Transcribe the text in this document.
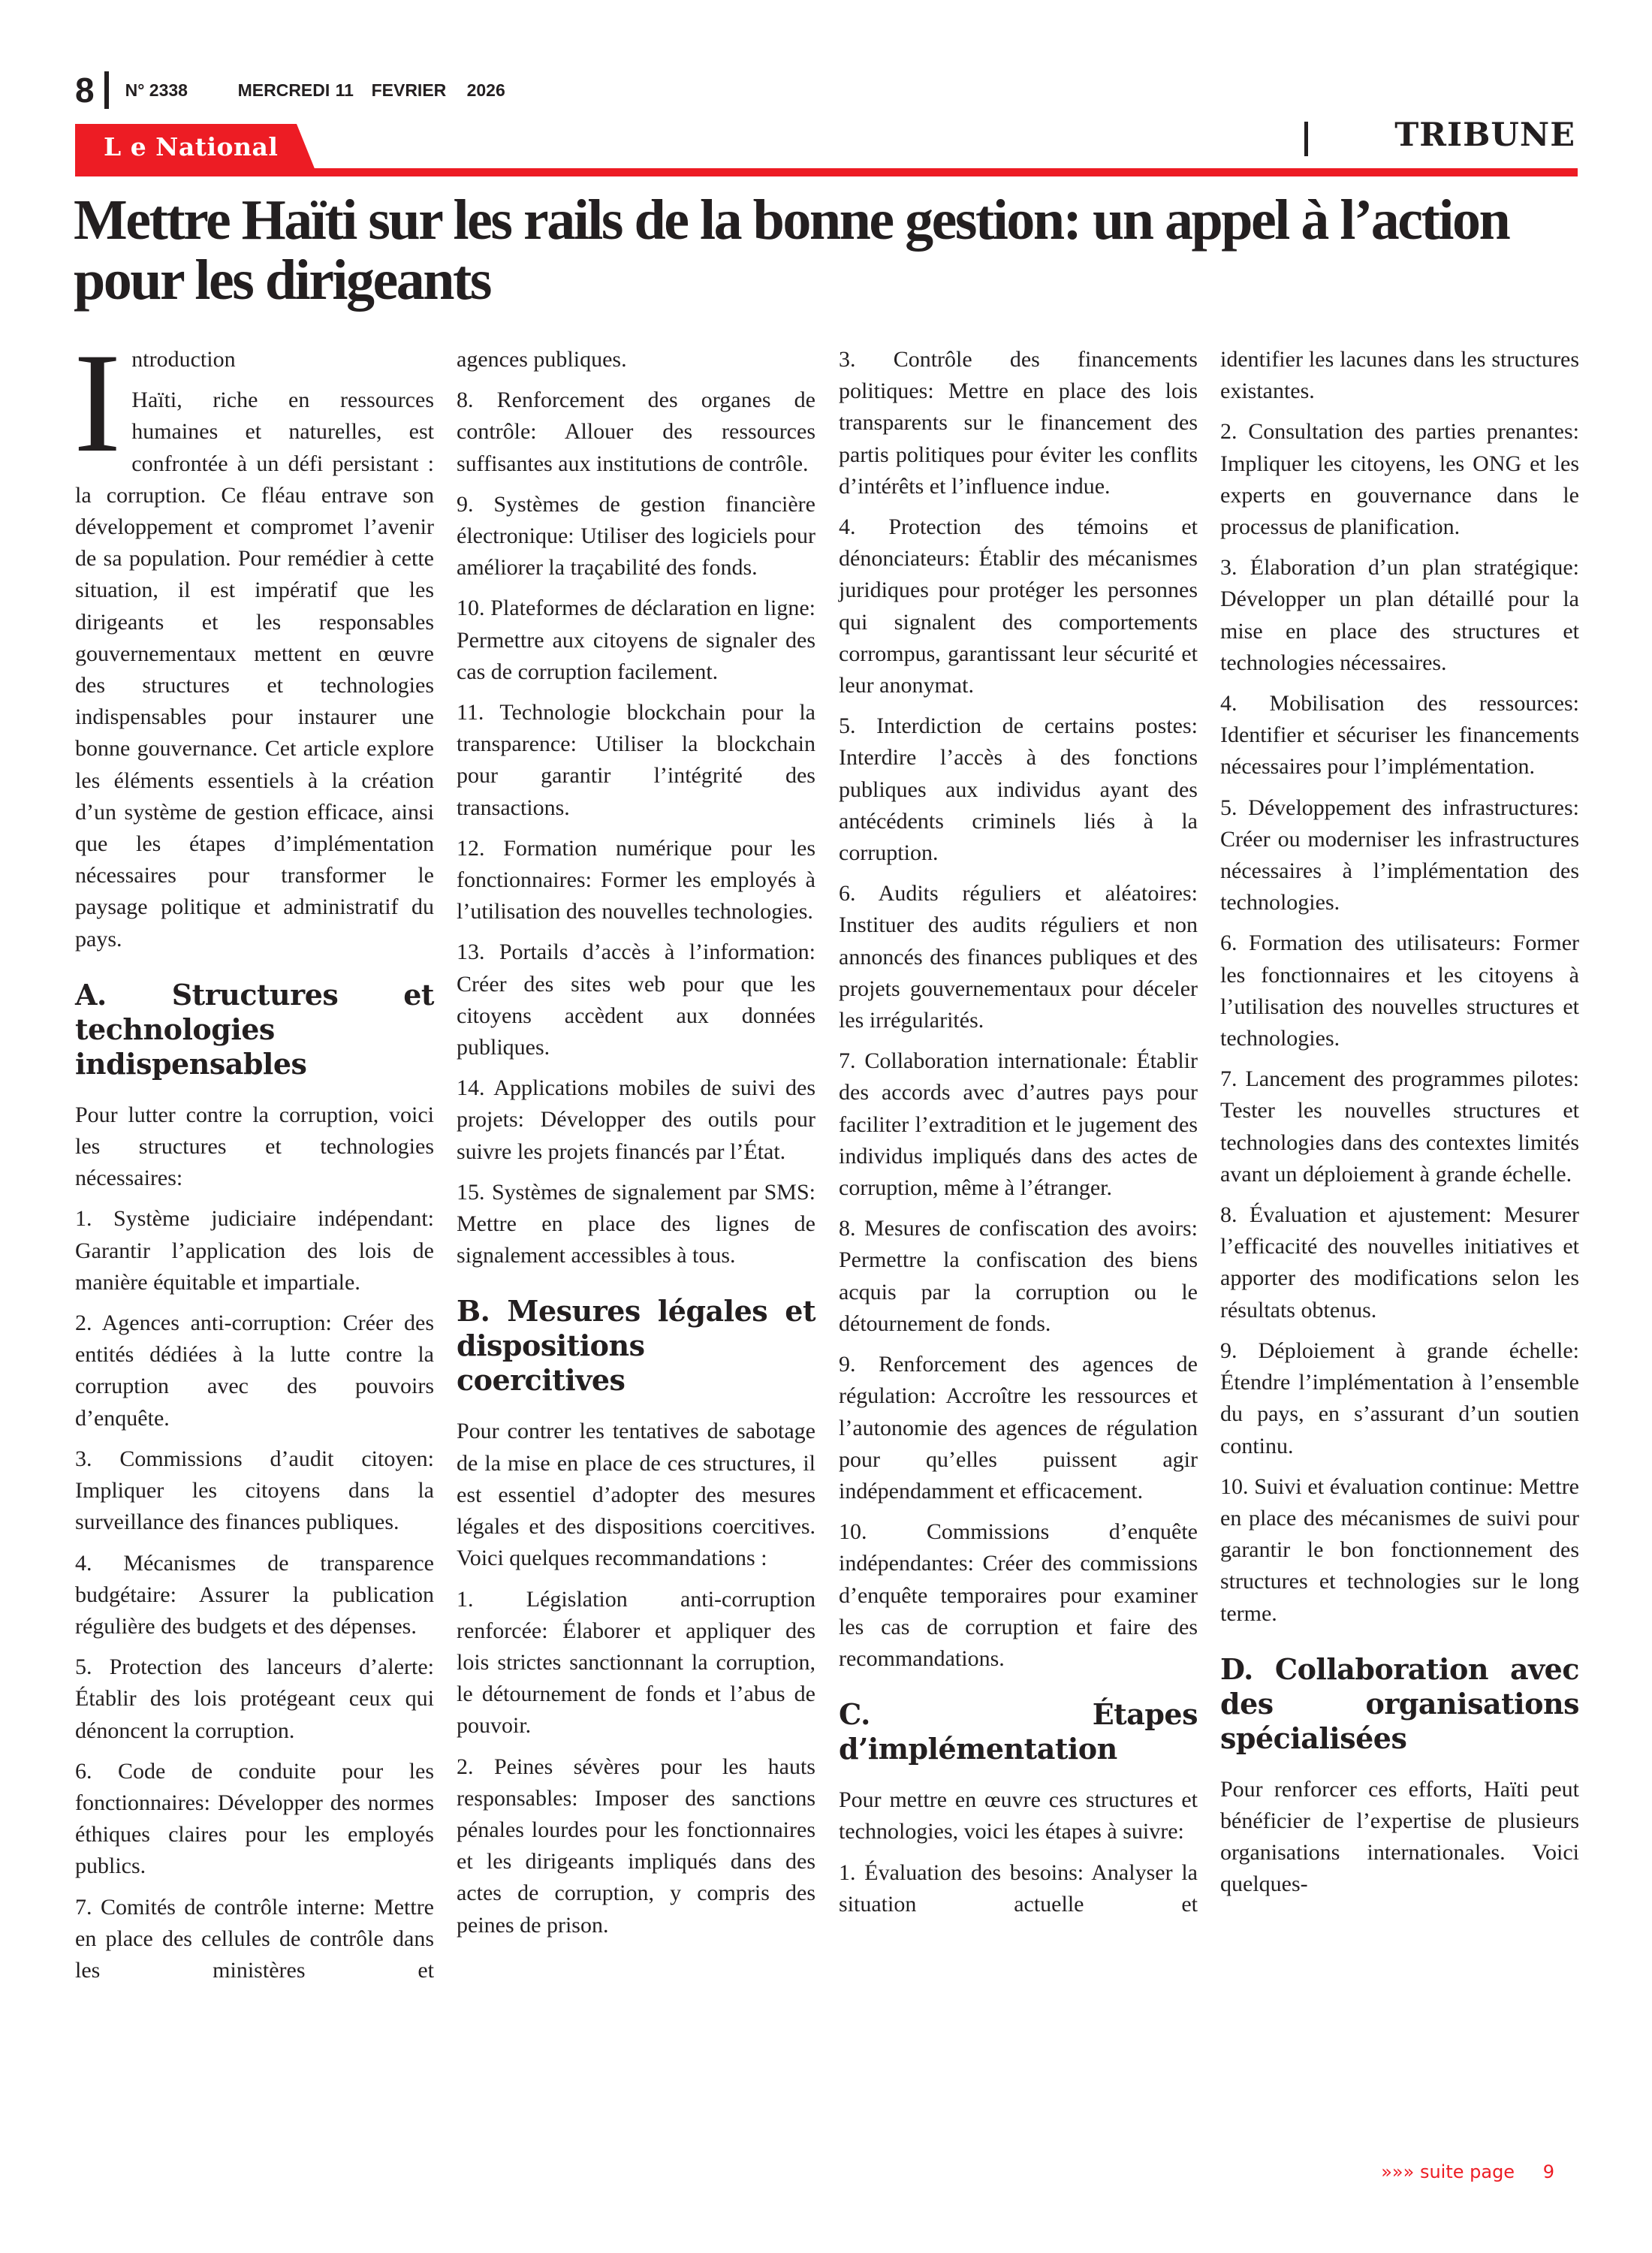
8 N° 2338	MERCREDI 11	FEVRIER	2026
L e National	TRIBUNE
Mettre Haïti sur les rails de la bonne gestion: un appel à l’action pour les dirigeants
I ntroduction

Haïti, riche en ressources humaines et naturelles, est confrontée à un défi persistant : la corruption. Ce fléau entrave son développement et compromet l’avenir de sa population. Pour remédier à cette situation, il est impératif que les dirigeants et les responsables gouvernementaux mettent en œuvre des structures et technologies indispensables pour instaurer une bonne gouvernance. Cet article explore les éléments essentiels à la création d’un système de gestion efficace, ainsi que les étapes d’implémentation nécessaires pour transformer le paysage politique et administratif du pays.

A. Structures et technologies indispensables

Pour lutter contre la corruption, voici les structures et technologies nécessaires:

1. Système judiciaire indépendant: Garantir l’application des lois de manière équitable et impartiale.

2. Agences anti-corruption: Créer des entités dédiées à la lutte contre la corruption avec des pouvoirs d’enquête.

3. Commissions d’audit citoyen: Impliquer les citoyens dans la surveillance des finances publiques.

4. Mécanismes de transparence budgétaire: Assurer la publication régulière des budgets et des dépenses.

5. Protection des lanceurs d’alerte: Établir des lois protégeant ceux qui dénoncent la corruption.

6. Code de conduite pour les fonctionnaires: Développer des normes éthiques claires pour les employés publics.

7. Comités de contrôle interne: Mettre en place des cellules de contrôle dans les ministères et

agences publiques.

8. Renforcement des organes de contrôle: Allouer des ressources suffisantes aux institutions de contrôle.

9. Systèmes de gestion financière électronique: Utiliser des logiciels pour améliorer la traçabilité des fonds.

10. Plateformes de déclaration en ligne: Permettre aux citoyens de signaler des cas de corruption facilement.

11. Technologie blockchain pour la transparence: Utiliser la blockchain pour garantir l’intégrité des transactions.

12. Formation numérique pour les fonctionnaires: Former les employés à l’utilisation des nouvelles technologies.

13. Portails d’accès à l’information: Créer des sites web pour que les citoyens accèdent aux données publiques.

14. Applications mobiles de suivi des projets: Développer des outils pour suivre les projets financés par l’État.

15. Systèmes de signalement par SMS: Mettre en place des lignes de signalement accessibles à tous.

B. Mesures légales et dispositions coercitives

Pour contrer les tentatives de sabotage de la mise en place de ces structures, il est essentiel d’adopter des mesures légales et des dispositions coercitives. Voici quelques recommandations :

1. Législation anti-corruption renforcée: Élaborer et appliquer des lois strictes sanctionnant la corruption, le détournement de fonds et l’abus de pouvoir.

2. Peines sévères pour les hauts responsables: Imposer des sanctions pénales lourdes pour les fonctionnaires et les dirigeants impliqués dans des actes de corruption, y compris des peines de prison.

3. Contrôle des financements politiques: Mettre en place des lois transparents sur le financement des partis politiques pour éviter les conflits d’intérêts et l’influence indue.

4. Protection des témoins et dénonciateurs: Établir des mécanismes juridiques pour protéger les personnes qui signalent des comportements corrompus, garantissant leur sécurité et leur anonymat.

5. Interdiction de certains postes: Interdire l’accès à des fonctions publiques aux individus ayant des antécédents criminels liés à la corruption.

6. Audits réguliers et aléatoires: Instituer des audits réguliers et non annoncés des finances publiques et des projets gouvernementaux pour déceler les irrégularités.

7. Collaboration internationale: Établir des accords avec d’autres pays pour faciliter l’extradition et le jugement des individus impliqués dans des actes de corruption, même à l’étranger.

8. Mesures de confiscation des avoirs: Permettre la confiscation des biens acquis par la corruption ou le détournement de fonds.

9. Renforcement des agences de régulation: Accroître les ressources et l’autonomie des agences de régulation pour qu’elles puissent agir indépendamment et efficacement.

10. Commissions d’enquête indépendantes: Créer des commissions d’enquête temporaires pour examiner les cas de corruption et faire des recommandations.

C. Étapes d’implémentation

Pour mettre en œuvre ces structures et technologies, voici les étapes à suivre:

1. Évaluation des besoins: Analyser la situation actuelle et

identifier les lacunes dans les structures existantes.

2. Consultation des parties prenantes: Impliquer les citoyens, les ONG et les experts en gouvernance dans le processus de planification.

3. Élaboration d’un plan stratégique: Développer un plan détaillé pour la mise en place des structures et technologies nécessaires.

4. Mobilisation des ressources: Identifier et sécuriser les financements nécessaires pour l’implémentation.

5. Développement des infrastructures: Créer ou moderniser les infrastructures nécessaires à l’implémentation des technologies.

6. Formation des utilisateurs: Former les fonctionnaires et les citoyens à l’utilisation des nouvelles structures et technologies.

7. Lancement des programmes pilotes: Tester les nouvelles structures et technologies dans des contextes limités avant un déploiement à grande échelle.

8. Évaluation et ajustement: Mesurer l’efficacité des nouvelles initiatives et apporter des modifications selon les résultats obtenus.

9. Déploiement à grande échelle: Étendre l’implémentation à l’ensemble du pays, en s’assurant d’un soutien continu.

10. Suivi et évaluation continue: Mettre en place des mécanismes de suivi pour garantir le bon fonctionnement des structures et technologies sur le long terme.

D. Collaboration avec des organisations spécialisées

Pour renforcer ces efforts, Haïti peut bénéficier de l’expertise de plusieurs organisations internationales. Voici quelques-

»»» suite page 9
